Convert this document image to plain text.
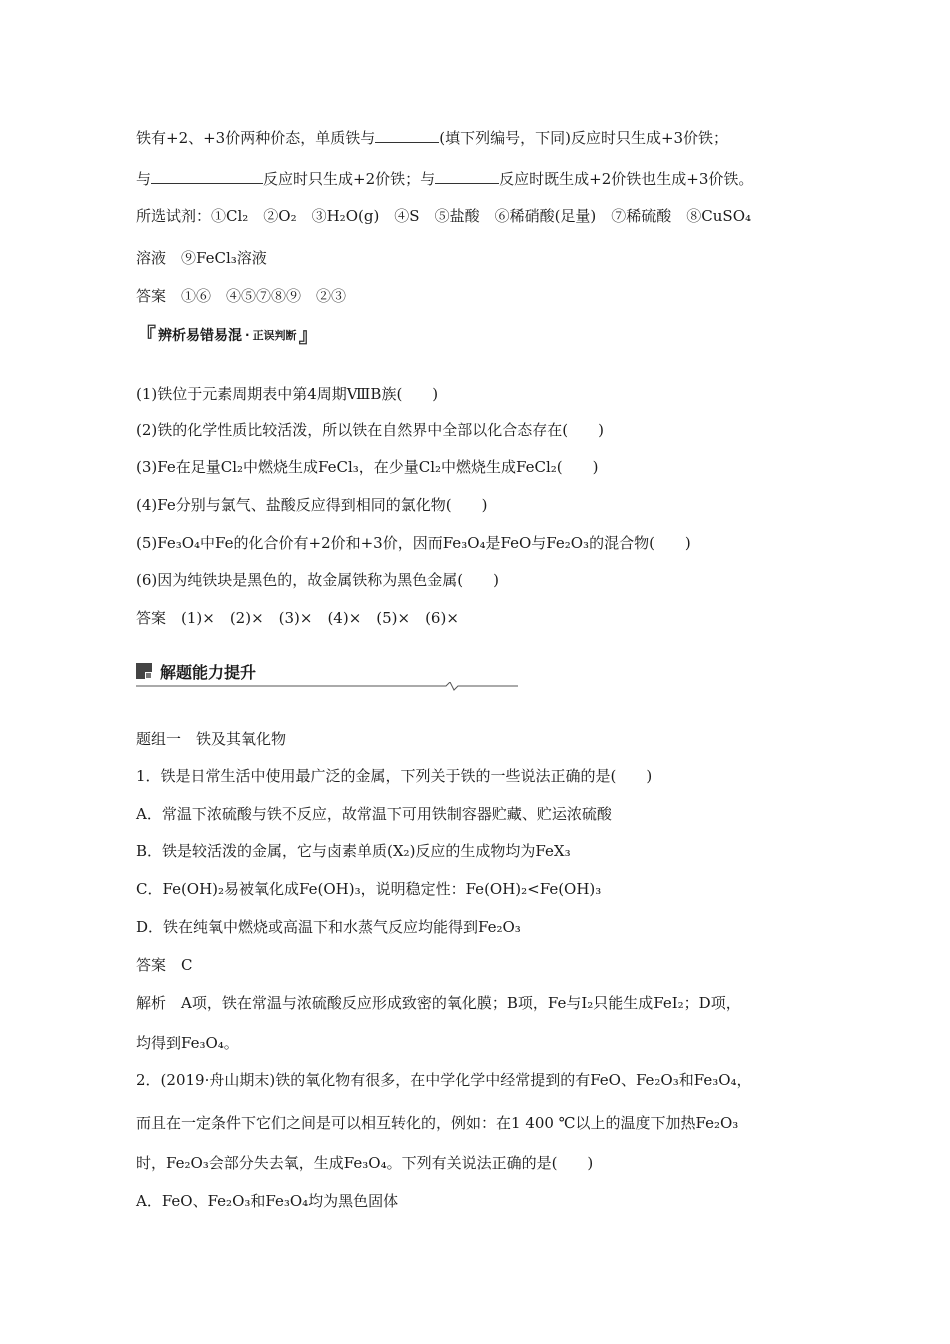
铁有+2、+3价两种价态，单质铁与	(填下列编号，下同)反应时只生成+3价铁；
与	反应时只生成+2价铁；与	反应时既生成+2价铁也生成+3价铁。
所选试剂：①Cl₂　②O₂　③H₂O(g)　④S　⑤盐酸　⑥稀硝酸(足量)　⑦稀硫酸　⑧CuSO₄
溶液　⑨FeCl₃溶液
答案　①⑥　④⑤⑦⑧⑨　②③
『 辨析易错易混 · 正误判断 』
(1)铁位于元素周期表中第4周期ⅧB族(　　)
(2)铁的化学性质比较活泼，所以铁在自然界中全部以化合态存在(　　)
(3)Fe在足量Cl₂中燃烧生成FeCl₃，在少量Cl₂中燃烧生成FeCl₂(　　)
(4)Fe分别与氯气、盐酸反应得到相同的氯化物(　　)
(5)Fe₃O₄中Fe的化合价有+2价和+3价，因而Fe₃O₄是FeO与Fe₂O₃的混合物(　　)
(6)因为纯铁块是黑色的，故金属铁称为黑色金属(　　)
答案　(1)×　(2)×　(3)×　(4)×　(5)×　(6)×
解题能力提升
题组一　铁及其氧化物
1．铁是日常生活中使用最广泛的金属，下列关于铁的一些说法正确的是(　　)
A．常温下浓硫酸与铁不反应，故常温下可用铁制容器贮藏、贮运浓硫酸
B．铁是较活泼的金属，它与卤素单质(X₂)反应的生成物均为FeX₃
C．Fe(OH)₂易被氧化成Fe(OH)₃，说明稳定性：Fe(OH)₂<Fe(OH)₃
D．铁在纯氧中燃烧或高温下和水蒸气反应均能得到Fe₂O₃
答案　C
解析　A项，铁在常温与浓硫酸反应形成致密的氧化膜；B项，Fe与I₂只能生成FeI₂；D项，
均得到Fe₃O₄。
2．(2019·舟山期末)铁的氧化物有很多，在中学化学中经常提到的有FeO、Fe₂O₃和Fe₃O₄，
而且在一定条件下它们之间是可以相互转化的，例如：在1 400 ℃以上的温度下加热Fe₂O₃
时，Fe₂O₃会部分失去氧，生成Fe₃O₄。下列有关说法正确的是(　　)
A．FeO、Fe₂O₃和Fe₃O₄均为黑色固体
